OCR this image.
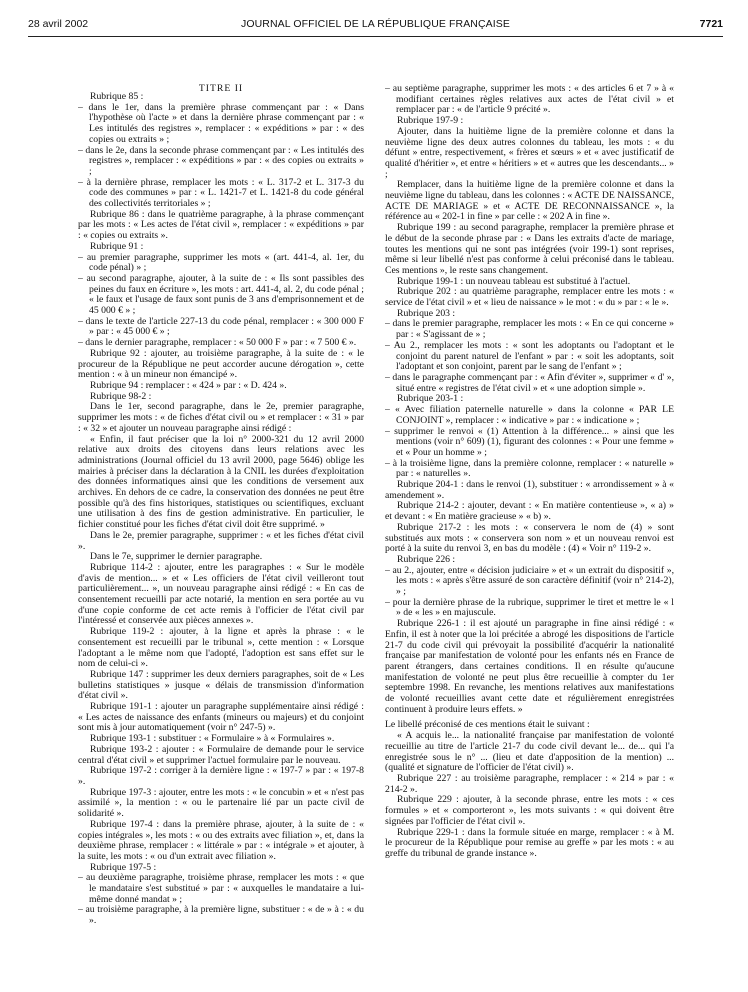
28 avril 2002	JOURNAL OFFICIEL DE LA RÉPUBLIQUE FRANÇAISE	7721
TITRE II

Rubrique 85 :

– dans le 1er, dans la première phrase commençant par : « Dans l'hypothèse où l'acte » et dans la dernière phrase commençant par : « Les intitulés des registres », remplacer : « expéditions » par : « des copies ou extraits » ;

– dans le 2e, dans la seconde phrase commençant par : « Les intitulés des registres », remplacer : « expéditions » par : « des copies ou extraits » ;

– à la dernière phrase, remplacer les mots : « L. 317-2 et L. 317-3 du code des communes » par : « L. 1421-7 et L. 1421-8 du code général des collectivités territoriales » ;

Rubrique 86 : dans le quatrième paragraphe, à la phrase commençant par les mots : « Les actes de l'état civil », remplacer : « expéditions » par : « copies ou extraits ».

Rubrique 91 :

– au premier paragraphe, supprimer les mots « (art. 441-4, al. 1er, du code pénal) » ;

– au second paragraphe, ajouter, à la suite de : « Ils sont passibles des peines du faux en écriture », les mots : art. 441-4, al. 2, du code pénal ; « le faux et l'usage de faux sont punis de 3 ans d'emprisonnement et de 45 000 € » ;

– dans le texte de l'article 227-13 du code pénal, remplacer : « 300 000 F » par : « 45 000 € » ;

– dans le dernier paragraphe, remplacer : « 50 000 F » par : « 7 500 € ».

Rubrique 92 : ajouter, au troisième paragraphe, à la suite de : « le procureur de la République ne peut accorder aucune dérogation », cette mention : « à un mineur non émancipé ».

Rubrique 94 : remplacer : « 424 » par : « D. 424 ».

Rubrique 98-2 :

Dans le 1er, second paragraphe, dans le 2e, premier paragraphe, supprimer les mots : « de fiches d'état civil ou » et remplacer : « 31 » par : « 32 » et ajouter un nouveau paragraphe ainsi rédigé :

« Enfin, il faut préciser que la loi n° 2000-321 du 12 avril 2000 relative aux droits des citoyens dans leurs relations avec les administrations (Journal officiel du 13 avril 2000, page 5646) oblige les mairies à préciser dans la déclaration à la CNIL les durées d'exploitation des données informatiques ainsi que les conditions de versement aux archives. En dehors de ce cadre, la conservation des données ne peut être possible qu'à des fins historiques, statistiques ou scientifiques, excluant une utilisation à des fins de gestion administrative. En particulier, le fichier constitué pour les fiches d'état civil doit être supprimé. »

Dans le 2e, premier paragraphe, supprimer : « et les fiches d'état civil ».

Dans le 7e, supprimer le dernier paragraphe.

Rubrique 114-2 : ajouter, entre les paragraphes : « Sur le modèle d'avis de mention... » et « Les officiers de l'état civil veilleront tout particulièrement... », un nouveau paragraphe ainsi rédigé : « En cas de consentement recueilli par acte notarié, la mention en sera portée au vu d'une copie conforme de cet acte remis à l'officier de l'état civil par l'intéressé et conservée aux pièces annexes ».

Rubrique 119-2 : ajouter, à la ligne et après la phrase : « le consentement est recueilli par le tribunal », cette mention : « Lorsque l'adoptant a le même nom que l'adopté, l'adoption est sans effet sur le nom de celui-ci ».

Rubrique 147 : supprimer les deux derniers paragraphes, soit de « Les bulletins statistiques » jusque « délais de transmission d'information d'état civil ».

Rubrique 191-1 : ajouter un paragraphe supplémentaire ainsi rédigé : « Les actes de naissance des enfants (mineurs ou majeurs) et du conjoint sont mis à jour automatiquement (voir n° 247-5) ».

Rubrique 193-1 : substituer : « Formulaire » à « Formulaires ».

Rubrique 193-2 : ajouter : « Formulaire de demande pour le service central d'état civil » et supprimer l'actuel formulaire par le nouveau.

Rubrique 197-2 : corriger à la dernière ligne : « 197-7 » par : « 197-8 ».

Rubrique 197-3 : ajouter, entre les mots : « le concubin » et « n'est pas assimilé », la mention : « ou le partenaire lié par un pacte civil de solidarité ».

Rubrique 197-4 : dans la première phrase, ajouter, à la suite de : « copies intégrales », les mots : « ou des extraits avec filiation », et, dans la deuxième phrase, remplacer : « littérale » par : « intégrale » et ajouter, à la suite, les mots : « ou d'un extrait avec filiation ».

Rubrique 197-5 :

– au deuxième paragraphe, troisième phrase, remplacer les mots : « que le mandataire s'est substitué » par : « auxquelles le mandataire a lui-même donné mandat » ;

– au troisième paragraphe, à la première ligne, substituer : « de » à : « du ».

– au septième paragraphe, supprimer les mots : « des articles 6 et 7 » à « modifiant certaines règles relatives aux actes de l'état civil » et remplacer par : « de l'article 9 précité ».

Rubrique 197-9 :

Ajouter, dans la huitième ligne de la première colonne et dans la neuvième ligne des deux autres colonnes du tableau, les mots : « du défunt » entre, respectivement, « frères et sœurs » et « avec justificatif de qualité d'héritier », et entre « héritiers » et « autres que les descendants... » ;

Remplacer, dans la huitième ligne de la première colonne et dans la neuvième ligne du tableau, dans les colonnes : « ACTE DE NAISSANCE, ACTE DE MARIAGE » et « ACTE DE RECONNAISSANCE », la référence au « 202-1 in fine » par celle : « 202 A in fine ».

Rubrique 199 : au second paragraphe, remplacer la première phrase et le début de la seconde phrase par : « Dans les extraits d'acte de mariage, toutes les mentions qui ne sont pas intégrées (voir 199-1) sont reprises, même si leur libellé n'est pas conforme à celui préconisé dans le tableau. Ces mentions », le reste sans changement.

Rubrique 199-1 : un nouveau tableau est substitué à l'actuel.

Rubrique 202 : au quatrième paragraphe, remplacer entre les mots : « service de l'état civil » et « lieu de naissance » le mot : « du » par : « le ».

Rubrique 203 :

– dans le premier paragraphe, remplacer les mots : « En ce qui concerne » par : « S'agissant de » ;

– Au 2., remplacer les mots : « sont les adoptants ou l'adoptant et le conjoint du parent naturel de l'enfant » par : « soit les adoptants, soit l'adoptant et son conjoint, parent par le sang de l'enfant » ;

– dans le paragraphe commençant par : « Afin d'éviter », supprimer « d' », situé entre « registres de l'état civil » et « une adoption simple ».

Rubrique 203-1 :

– « Avec filiation paternelle naturelle » dans la colonne « PAR LE CONJOINT », remplacer : « indicative » par : « indicatione » ;

– supprimer le renvoi « (1) Attention à la différence... » ainsi que les mentions (voir n° 609) (1), figurant des colonnes : « Pour une femme » et « Pour un homme » ;

– à la troisième ligne, dans la première colonne, remplacer : « naturelle » par : « naturelles ».

Rubrique 204-1 : dans le renvoi (1), substituer : « arrondissement » à « amendement ».

Rubrique 214-2 : ajouter, devant : « En matière contentieuse », « a) » et devant : « En matière gracieuse » « b) ».

Rubrique 217-2 : les mots : « conservera le nom de (4) » sont substitués aux mots : « conservera son nom » et un nouveau renvoi est porté à la suite du renvoi 3, en bas du modèle : (4) « Voir n° 119-2 ».

Rubrique 226 :

– au 2., ajouter, entre « décision judiciaire » et « un extrait du dispositif », les mots : « après s'être assuré de son caractère définitif (voir n° 214-2), » ;

– pour la dernière phrase de la rubrique, supprimer le tiret et mettre le « l » de « les » en majuscule.

Rubrique 226-1 : il est ajouté un paragraphe in fine ainsi rédigé : « Enfin, il est à noter que la loi précitée a abrogé les dispositions de l'article 21-7 du code civil qui prévoyait la possibilité d'acquérir la nationalité française par manifestation de volonté pour les enfants nés en France de parent étrangers, dans certaines conditions. Il en résulte qu'aucune manifestation de volonté ne peut plus être recueillie à compter du 1er septembre 1998. En revanche, les mentions relatives aux manifestations de volonté recueillies avant cette date et régulièrement enregistrées continuent à produire leurs effets. »

Le libellé préconisé de ces mentions était le suivant :

« A acquis le... la nationalité française par manifestation de volonté recueillie au titre de l'article 21-7 du code civil devant le... de... qui l'a enregistrée sous le n° ... (lieu et date d'apposition de la mention) ... (qualité et signature de l'officier de l'état civil) ».

Rubrique 227 : au troisième paragraphe, remplacer : « 214 » par : « 214-2 ».

Rubrique 229 : ajouter, à la seconde phrase, entre les mots : « ces formules » et « comporteront », les mots suivants : « qui doivent être signées par l'officier de l'état civil ».

Rubrique 229-1 : dans la formule située en marge, remplacer : « à M. le procureur de la République pour remise au greffe » par les mots : « au greffe du tribunal de grande instance ».
